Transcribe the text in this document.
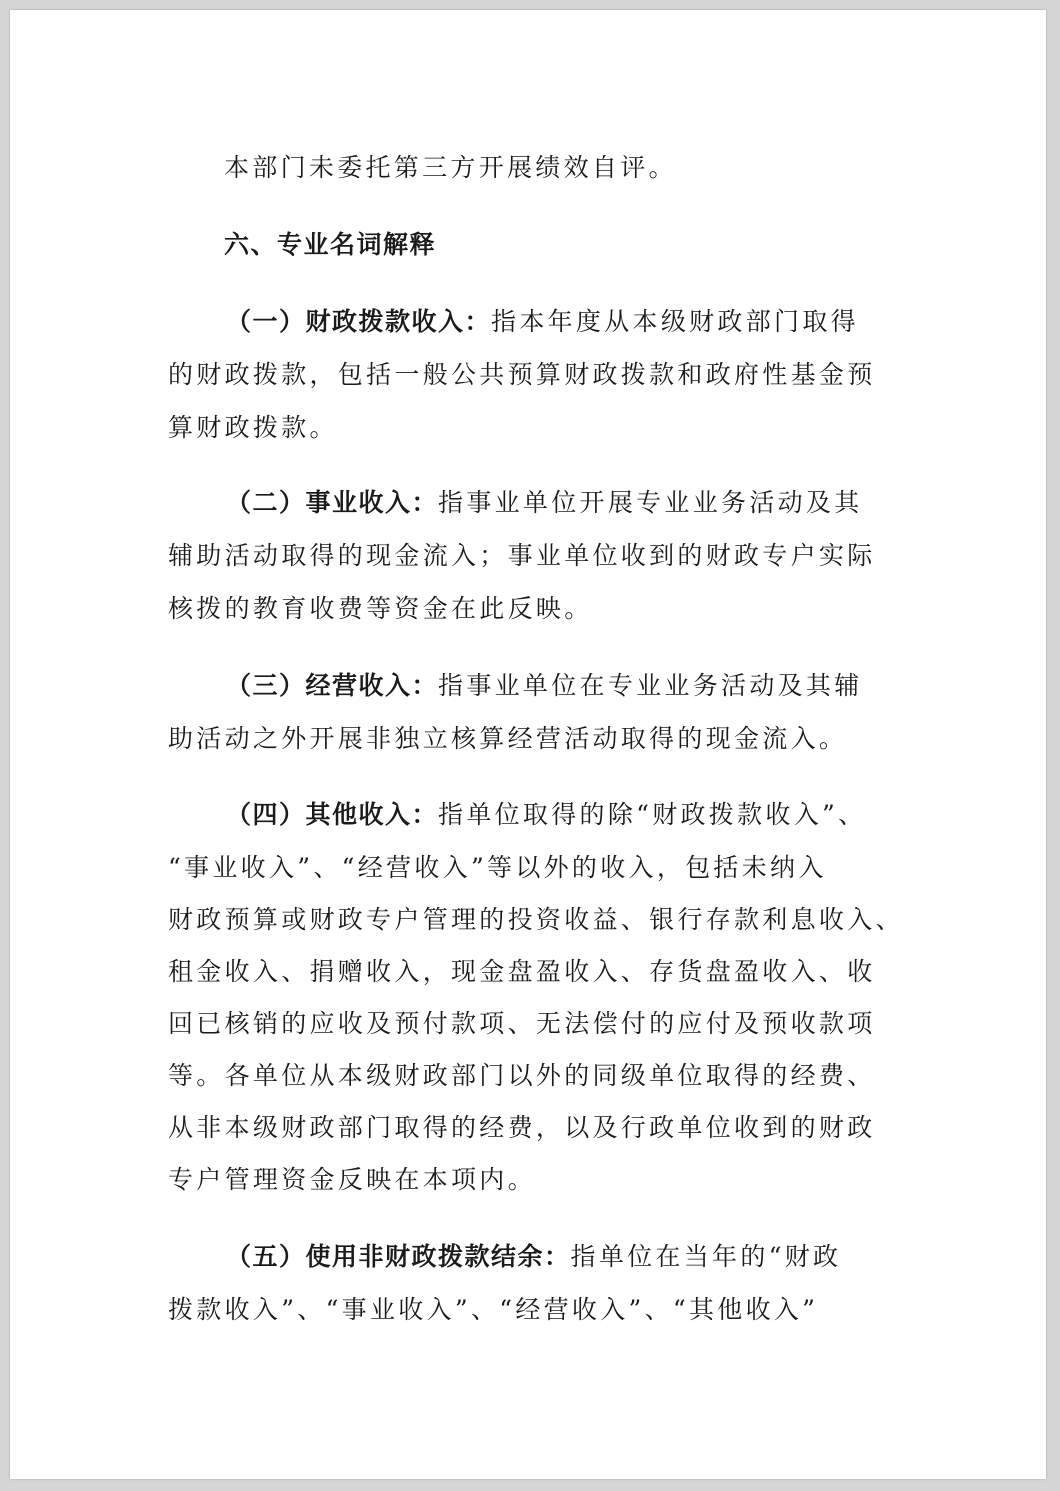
本部门未委托第三方开展绩效自评。
六、专业名词解释
（一）财政拨款收入：指本年度从本级财政部门取得
的财政拨款，包括一般公共预算财政拨款和政府性基金预
算财政拨款。
（二）事业收入：指事业单位开展专业业务活动及其
辅助活动取得的现金流入；事业单位收到的财政专户实际
核拨的教育收费等资金在此反映。
（三）经营收入：指事业单位在专业业务活动及其辅
助活动之外开展非独立核算经营活动取得的现金流入。
（四）其他收入：指单位取得的除“财政拨款收入”、
“事业收入”、“经营收入”等以外的收入，包括未纳入
财政预算或财政专户管理的投资收益、银行存款利息收入、
租金收入、捐赠收入，现金盘盈收入、存货盘盈收入、收
回已核销的应收及预付款项、无法偿付的应付及预收款项
等。各单位从本级财政部门以外的同级单位取得的经费、
从非本级财政部门取得的经费，以及行政单位收到的财政
专户管理资金反映在本项内。
（五）使用非财政拨款结余：指单位在当年的“财政
拨款收入”、“事业收入”、“经营收入”、“其他收入”
